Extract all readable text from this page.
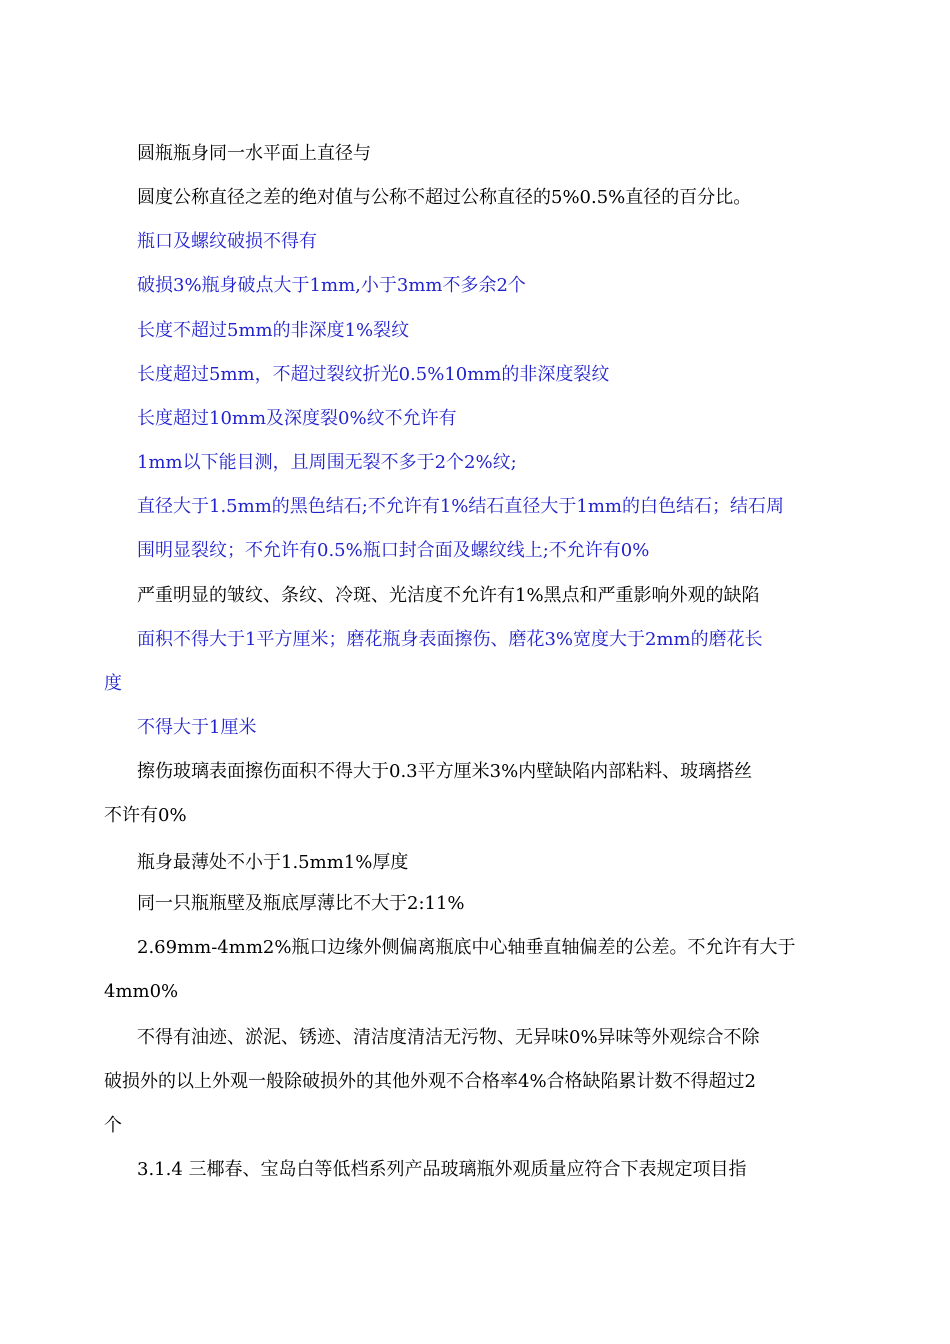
圆瓶瓶身同一水平面上直径与
圆度公称直径之差的绝对值与公称不超过公称直径的5%0.5%直径的百分比。
瓶口及螺纹破损不得有
破损3%瓶身破点大于1mm,小于3mm不多余2个
长度不超过5mm的非深度1%裂纹
长度超过5mm，不超过裂纹折光0.5%10mm的非深度裂纹
长度超过10mm及深度裂0%纹不允许有
1mm以下能目测，且周围无裂不多于2个2%纹;
直径大于1.5mm的黑色结石;不允许有1%结石直径大于1mm的白色结石；结石周
围明显裂纹；不允许有0.5%瓶口封合面及螺纹线上;不允许有0%
严重明显的皱纹、条纹、冷斑、光洁度不允许有1%黑点和严重影响外观的缺陷
面积不得大于1平方厘米；磨花瓶身表面擦伤、磨花3%宽度大于2mm的磨花长
度
不得大于1厘米
擦伤玻璃表面擦伤面积不得大于0.3平方厘米3%内壁缺陷内部粘料、玻璃搭丝
不许有0%
瓶身最薄处不小于1.5mm1%厚度
同一只瓶瓶壁及瓶底厚薄比不大于2:11%
2.69mm-4mm2%瓶口边缘外侧偏离瓶底中心轴垂直轴偏差的公差。不允许有大于
4mm0%
不得有油迹、淤泥、锈迹、清洁度清洁无污物、无异味0%异味等外观综合不除
破损外的以上外观一般除破损外的其他外观不合格率4%合格缺陷累计数不得超过2
个
3.1.4 三椰春、宝岛白等低档系列产品玻璃瓶外观质量应符合下表规定项目指
